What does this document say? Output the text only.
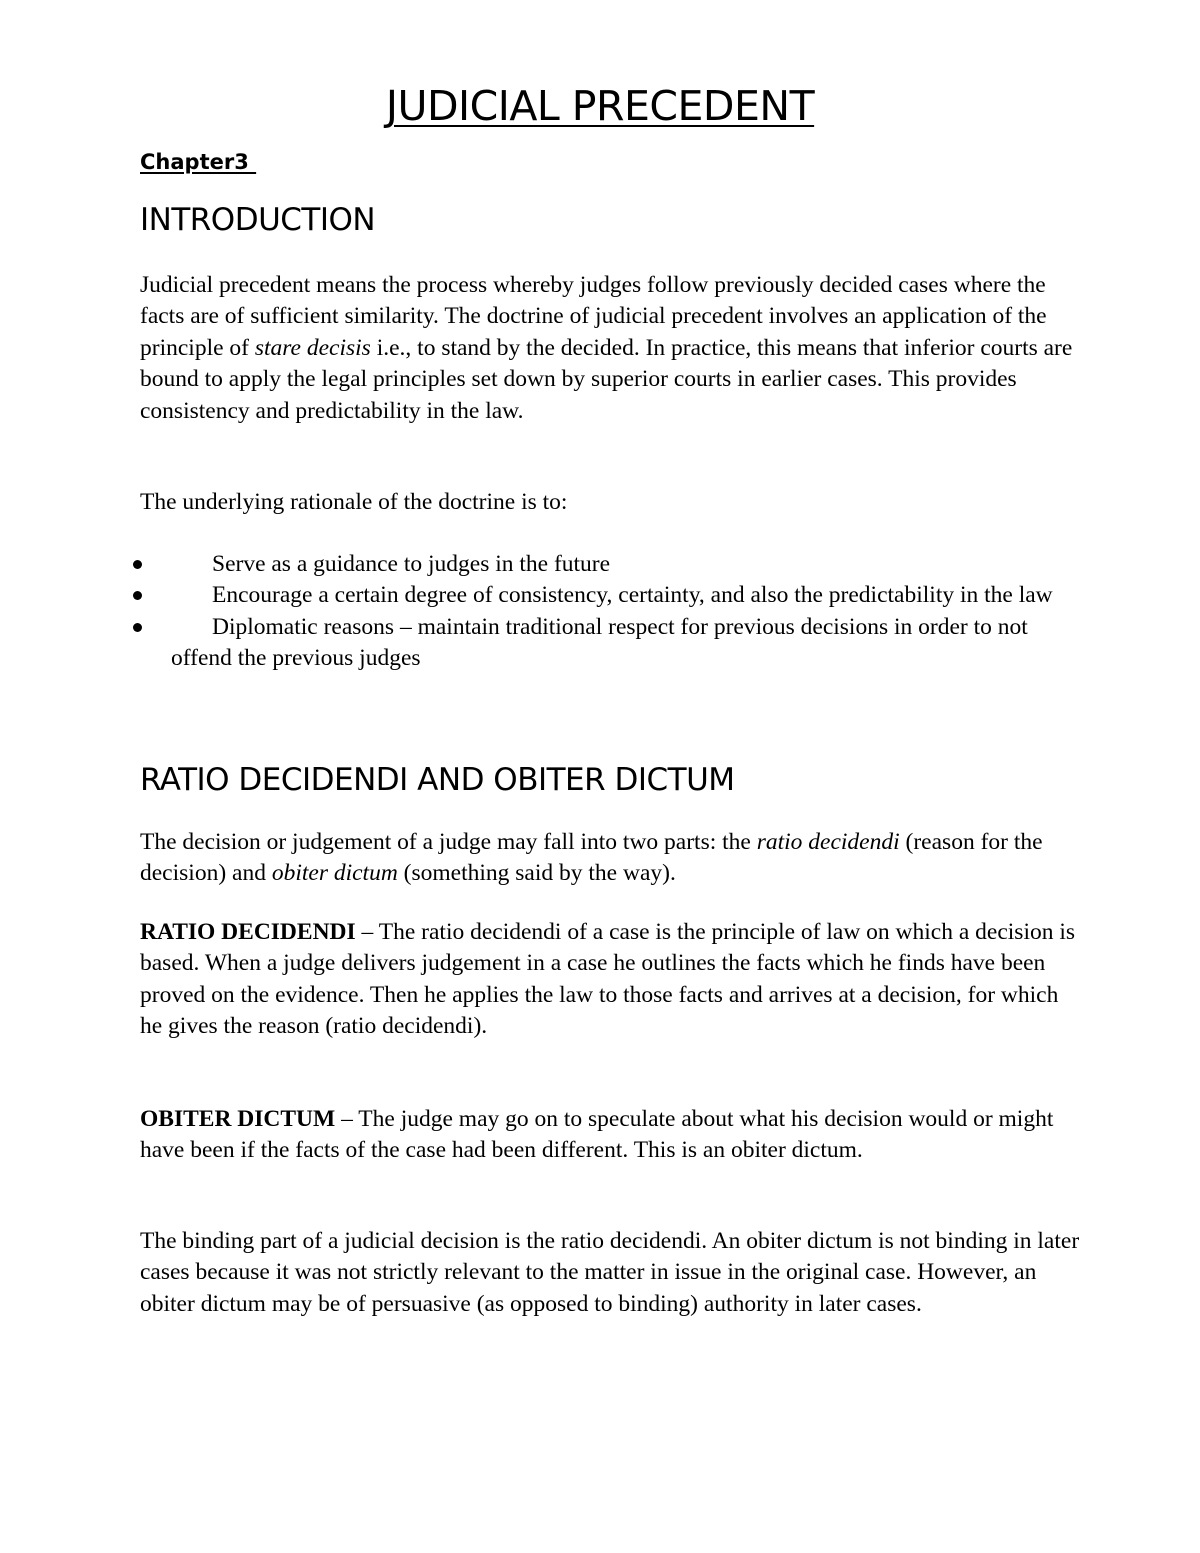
JUDICIAL PRECEDENT
Chapter3
INTRODUCTION

Judicial precedent means the process whereby judges follow previously decided cases where the facts are of sufficient similarity. The doctrine of judicial precedent involves an application of the principle of stare decisis i.e., to stand by the decided. In practice, this means that inferior courts are bound to apply the legal principles set down by superior courts in earlier cases. This provides consistency and predictability in the law.

The underlying rationale of the doctrine is to:

Serve as a guidance to judges in the future
Encourage a certain degree of consistency, certainty, and also the predictability in the law
Diplomatic reasons – maintain traditional respect for previous decisions in order to not offend the previous judges
RATIO DECIDENDI AND OBITER DICTUM

The decision or judgement of a judge may fall into two parts: the ratio decidendi (reason for the decision) and obiter dictum (something said by the way).

RATIO DECIDENDI – The ratio decidendi of a case is the principle of law on which a decision is based. When a judge delivers judgement in a case he outlines the facts which he finds have been proved on the evidence. Then he applies the law to those facts and arrives at a decision, for which he gives the reason (ratio decidendi).

OBITER DICTUM – The judge may go on to speculate about what his decision would or might have been if the facts of the case had been different. This is an obiter dictum.

The binding part of a judicial decision is the ratio decidendi. An obiter dictum is not binding in later cases because it was not strictly relevant to the matter in issue in the original case. However, an obiter dictum may be of persuasive (as opposed to binding) authority in later cases.
